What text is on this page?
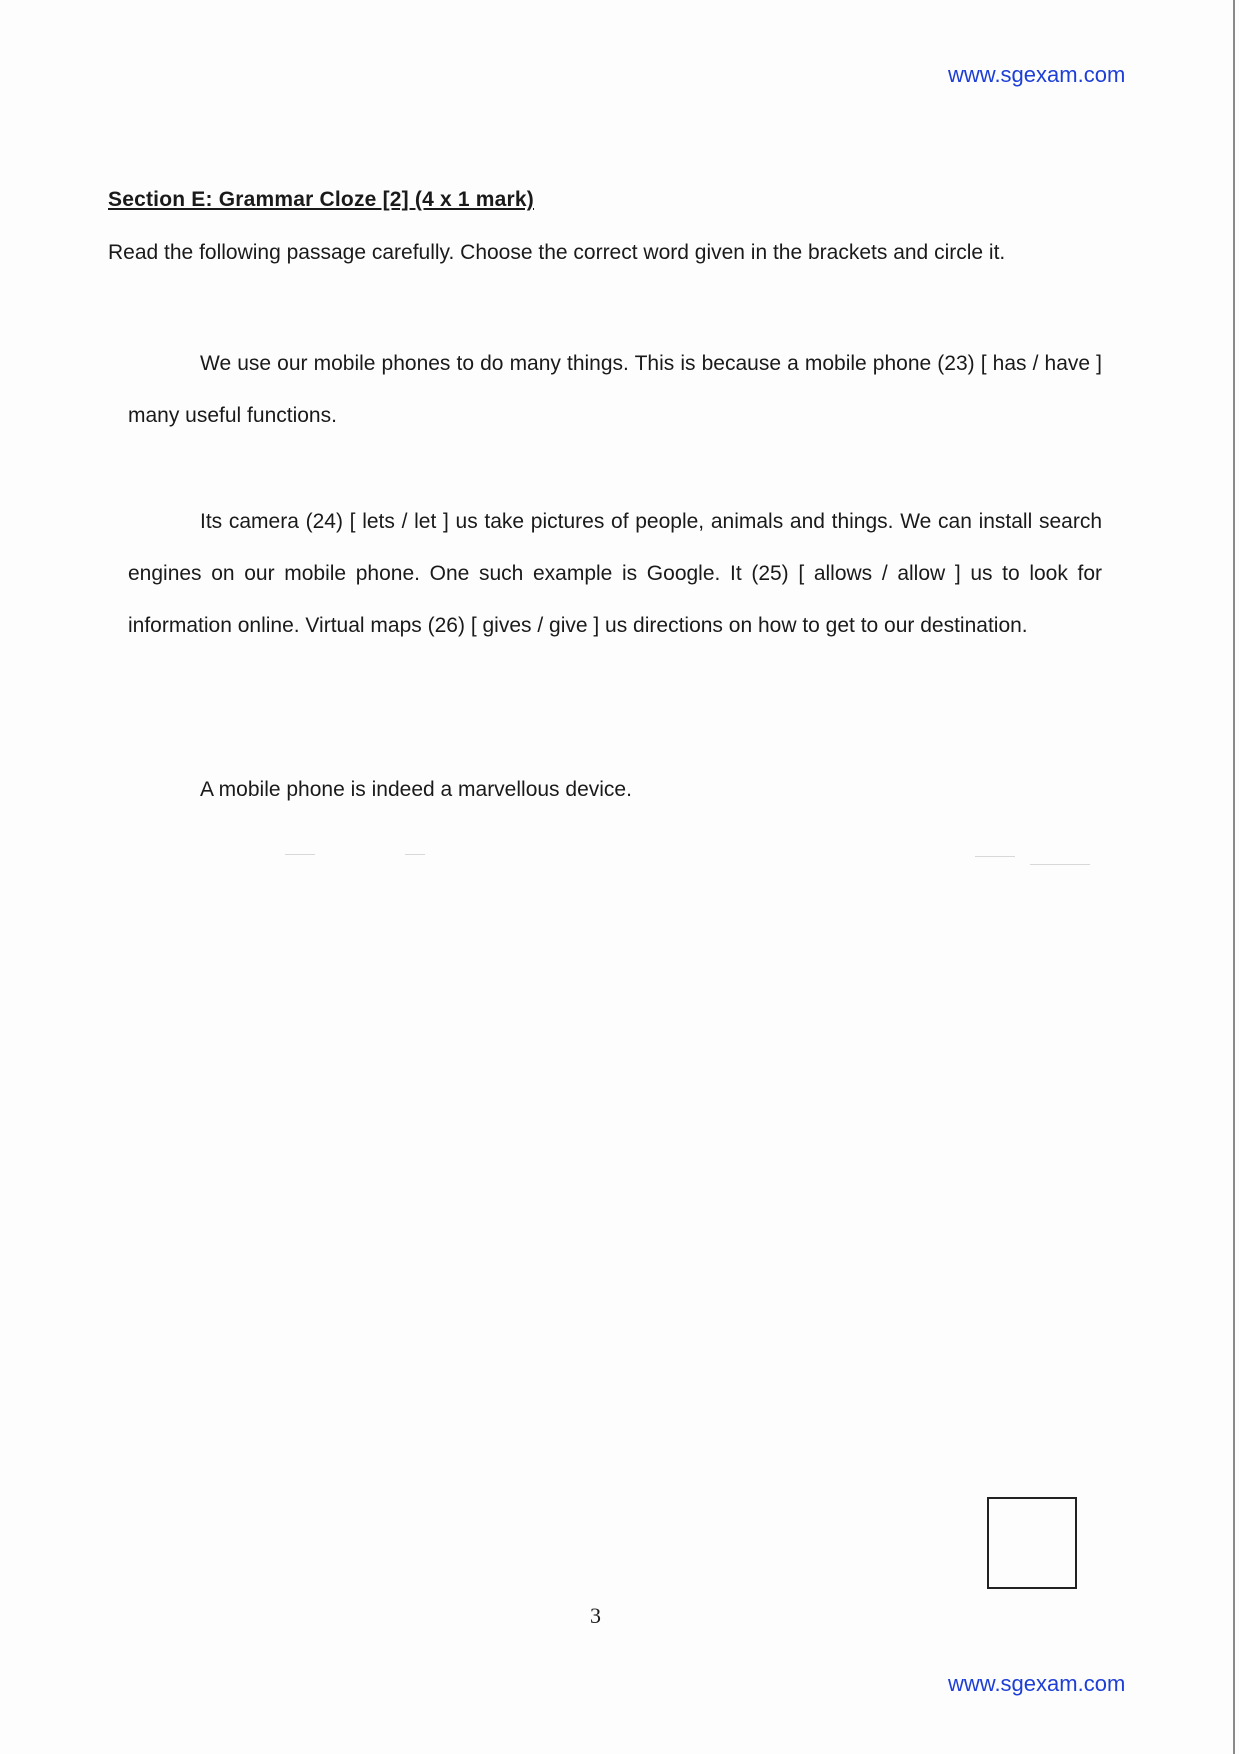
www.sgexam.com
Section E: Grammar Cloze [2] (4 x 1 mark)
Read the following passage carefully. Choose the correct word given in the brackets and circle it.
We use our mobile phones to do many things. This is because a mobile phone (23) [ has / have ] many useful functions.
Its camera (24) [ lets / let ] us take pictures of people, animals and things. We can install search engines on our mobile phone. One such example is Google. It (25) [ allows / allow ] us to look for information online. Virtual maps (26) [ gives / give ] us directions on how to get to our destination.
A mobile phone is indeed a marvellous device.
3
www.sgexam.com
